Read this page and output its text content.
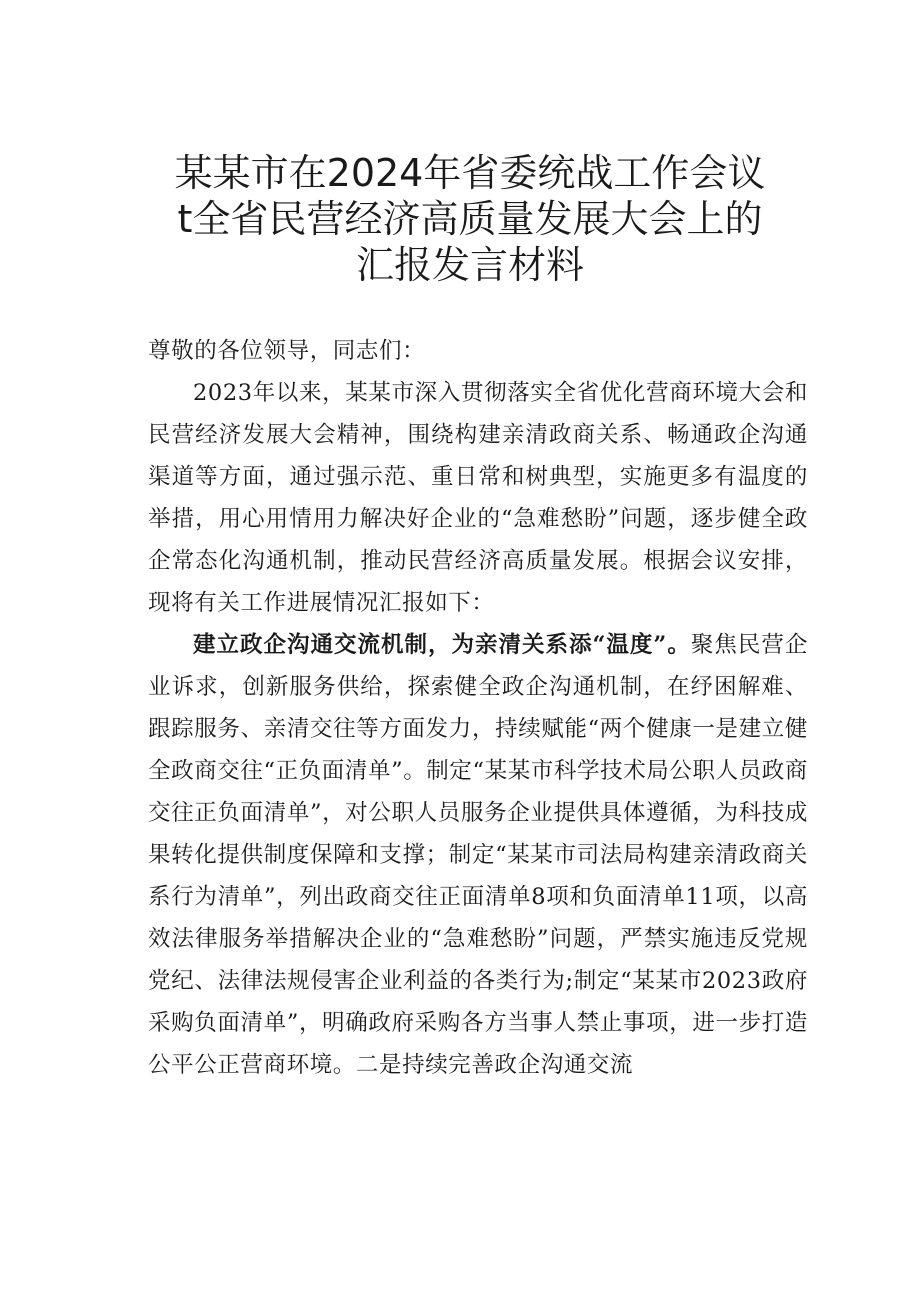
某某市在2024年省委统战工作会议
t全省民营经济高质量发展大会上的
汇报发言材料

尊敬的各位领导，同志们：

2023年以来，某某市深入贯彻落实全省优化营商环境大会和民营经济发展大会精神，围绕构建亲清政商关系、畅通政企沟通渠道等方面，通过强示范、重日常和树典型，实施更多有温度的举措，用心用情用力解决好企业的“急难愁盼”问题，逐步健全政企常态化沟通机制，推动民营经济高质量发展。根据会议安排，现将有关工作进展情况汇报如下：

建立政企沟通交流机制，为亲清关系添“温度”。聚焦民营企业诉求，创新服务供给，探索健全政企沟通机制，在纾困解难、跟踪服务、亲清交往等方面发力，持续赋能“两个健康一是建立健全政商交往“正负面清单”。制定“某某市科学技术局公职人员政商交往正负面清单”，对公职人员服务企业提供具体遵循，为科技成果转化提供制度保障和支撑；制定“某某市司法局构建亲清政商关系行为清单”，列出政商交往正面清单8项和负面清单11项，以高效法律服务举措解决企业的“急难愁盼”问题，严禁实施违反党规党纪、法律法规侵害企业利益的各类行为;制定“某某市2023政府采购负面清单”，明确政府采购各方当事人禁止事项，进一步打造公平公正营商环境。二是持续完善政企沟通交流
